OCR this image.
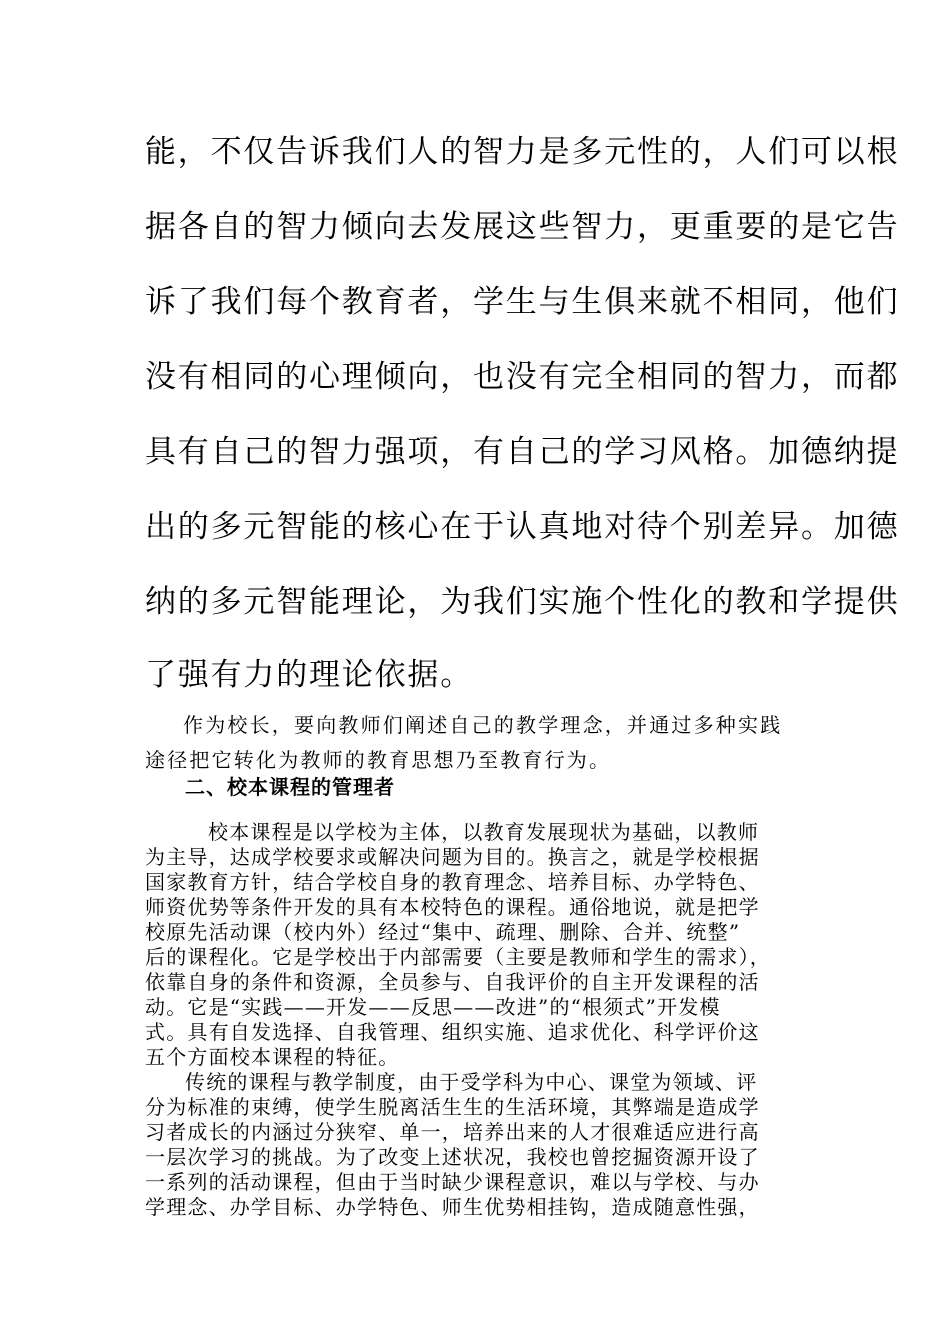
能，不仅告诉我们人的智力是多元性的，人们可以根
据各自的智力倾向去发展这些智力，更重要的是它告
诉了我们每个教育者，学生与生俱来就不相同，他们
没有相同的心理倾向，也没有完全相同的智力，而都
具有自己的智力强项，有自己的学习风格。加德纳提
出的多元智能的核心在于认真地对待个别差异。加德
纳的多元智能理论，为我们实施个性化的教和学提供
了强有力的理论依据。
作为校长，要向教师们阐述自己的教学理念，并通过多种实践
途径把它转化为教师的教育思想乃至教育行为。
二、校本课程的管理者
校本课程是以学校为主体，以教育发展现状为基础，以教师
为主导，达成学校要求或解决问题为目的。换言之，就是学校根据
国家教育方针，结合学校自身的教育理念、培养目标、办学特色、
师资优势等条件开发的具有本校特色的课程。通俗地说，就是把学
校原先活动课（校内外）经过“集中、疏理、删除、合并、统整”
后的课程化。它是学校出于内部需要（主要是教师和学生的需求），
依靠自身的条件和资源，全员参与、自我评价的自主开发课程的活
动。它是“实践——开发——反思——改进”的“根须式”开发模
式。具有自发选择、自我管理、组织实施、追求优化、科学评价这
五个方面校本课程的特征。
传统的课程与教学制度，由于受学科为中心、课堂为领域、评
分为标准的束缚，使学生脱离活生生的生活环境，其弊端是造成学
习者成长的内涵过分狭窄、单一，培养出来的人才很难适应进行高
一层次学习的挑战。为了改变上述状况，我校也曾挖掘资源开设了
一系列的活动课程，但由于当时缺少课程意识，难以与学校、与办
学理念、办学目标、办学特色、师生优势相挂钩，造成随意性强，
